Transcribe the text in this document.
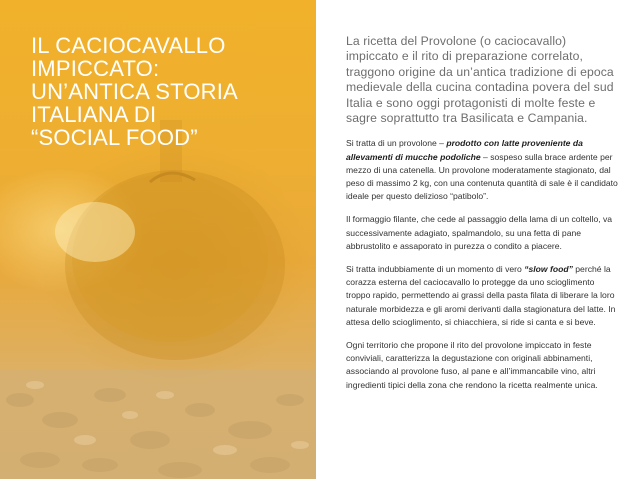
IL CACIOCAVALLO
IMPICCATO:
UN’ANTICA STORIA
ITALIANA DI
“SOCIAL FOOD”

La ricetta del Provolone (o caciocavallo) impiccato e il rito di preparazione correlato, traggono origine da un’antica tradizione di epoca medievale della cucina contadina povera del sud Italia e sono oggi protagonisti di molte feste e sagre soprattutto tra Basilicata e Campania.

Si tratta di un provolone – prodotto con latte proveniente da allevamenti di mucche podoliche – sospeso sulla brace ardente per mezzo di una catenella. Un provolone moderatamente stagionato, dal peso di massimo 2 kg, con una contenuta quantità di sale è il candidato ideale per questo delizioso “patibolo”.

Il formaggio filante, che cede al passaggio della lama di un coltello, va successivamente adagiato, spalmandolo, su una fetta di pane abbrustolito e assaporato in purezza o condito a piacere.

Si tratta indubbiamente di un momento di vero “slow food” perché la corazza esterna del caciocavallo lo protegge da uno scioglimento troppo rapido, permettendo ai grassi della pasta filata di liberare la loro naturale morbidezza e gli aromi derivanti dalla stagionatura del latte. In attesa dello scioglimento, si chiacchiera, si ride si canta e si beve.

Ogni territorio che propone il rito del provolone impiccato in feste conviviali, caratterizza la degustazione con originali abbinamenti, associando al provolone fuso, al pane e all’immancabile vino, altri ingredienti tipici della zona che rendono la ricetta realmente unica.
